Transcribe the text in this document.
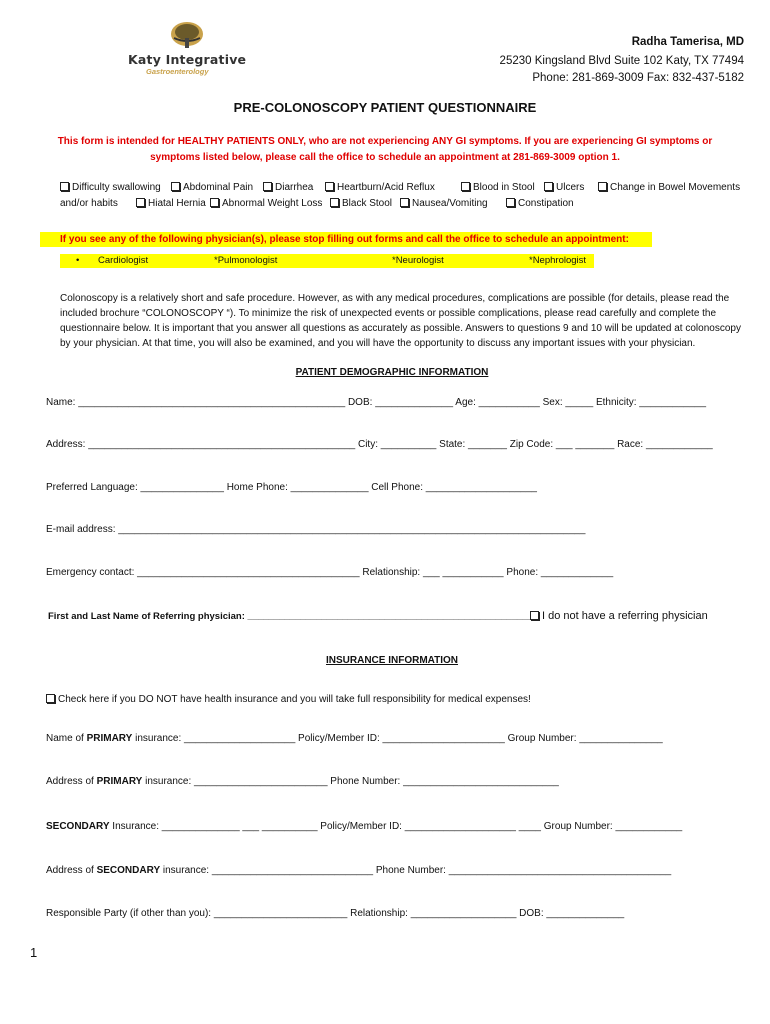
Katy Integrative
Gastroenterology
Radha Tamerisa, MD
25230 Kingsland Blvd Suite 102 Katy, TX 77494
Phone: 281-869-3009 Fax: 832-437-5182
PRE-COLONOSCOPY PATIENT QUESTIONNAIRE
This form is intended for HEALTHY PATIENTS ONLY, who are not experiencing ANY GI symptoms. If you are experiencing GI symptoms or
symptoms listed below, please call the office to schedule an appointment at 281-869-3009 option 1.
Difficulty swallowing	Abdominal Pain	Diarrhea	Heartburn/Acid Reflux	Blood in Stool	Ulcers	Change in Bowel Movements
and/or habits	Hiatal Hernia	Abnormal Weight Loss	Black Stool	Nausea/Vomiting	Constipation
If you see any of the following physician(s), please stop filling out forms and call the office to schedule an appointment:
• Cardiologist	*Pulmonologist	*Neurologist	*Nephrologist
Colonoscopy is a relatively short and safe procedure. However, as with any medical procedures, complications are possible (for details, please read the included brochure “COLONOSCOPY “). To minimize the risk of unexpected events or possible complications, please read carefully and complete the questionnaire below. It is important that you answer all questions as accurately as possible. Answers to questions 9 and 10 will be updated at colonoscopy by your physician. At that time, you will also be examined, and you will have the opportunity to discuss any important issues with your physician.
PATIENT DEMOGRAPHIC INFORMATION
Name: ________________________________________________ DOB: ______________ Age: ___________ Sex: _____ Ethnicity: ____________
Address: ________________________________________________ City: __________ State: _______ Zip Code: ___ _______ Race: ____________
Preferred Language: _______________ Home Phone: ______________ Cell Phone: ____________________
E-mail address: ____________________________________________________________________________________
Emergency contact: ________________________________________ Relationship: ___ ___________ Phone: _____________
First and Last Name of Referring physician: ______________________________________________________ I do not have a referring physician
INSURANCE INFORMATION
Check here if you DO NOT have health insurance and you will take full responsibility for medical expenses!
Name of PRIMARY insurance: ____________________ Policy/Member ID: ______________________ Group Number: _______________
Address of PRIMARY insurance: ________________________ Phone Number: ____________________________
SECONDARY Insurance: ______________ ___ __________ Policy/Member ID: ____________________ ____ Group Number: ____________
Address of SECONDARY insurance: _____________________________ Phone Number: ________________________________________
Responsible Party (if other than you): ________________________ Relationship: ___________________ DOB: ______________
1
